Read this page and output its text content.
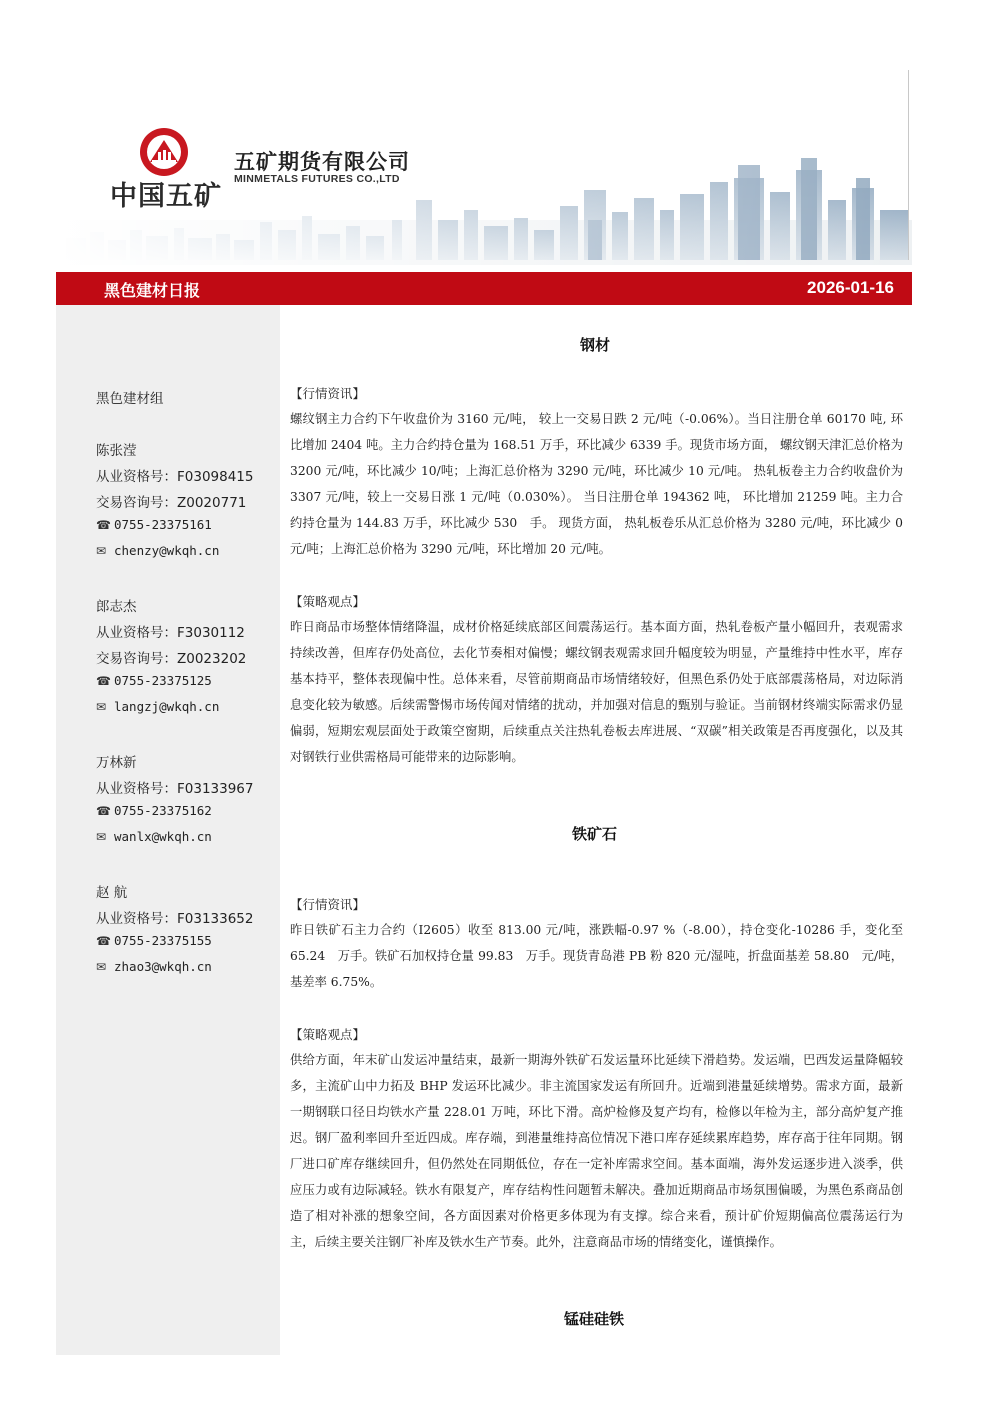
中国五矿
五矿期货有限公司
MINMETALS FUTURES CO.,LTD
黑色建材日报	2026-01-16
黑色建材组
陈张滢
从业资格号：F03098415
交易咨询号：Z0020771
☎ 0755-23375161
✉ chenzy@wkqh.cn
郎志杰
从业资格号：F3030112
交易咨询号：Z0023202
☎ 0755-23375125
✉ langzj@wkqh.cn
万林新
从业资格号：F03133967
☎ 0755-23375162
✉ wanlx@wkqh.cn
赵 航
从业资格号：F03133652
☎ 0755-23375155
✉ zhao3@wkqh.cn
钢材
【行情资讯】
螺纹钢主力合约下午收盘价为 3160 元/吨， 较上一交易日跌 2 元/吨（-0.06%）。当日注册仓单 60170 吨, 环比增加 2404 吨。主力合约持仓量为 168.51 万手，环比减少 6339 手。现货市场方面， 螺纹钢天津汇总价格为 3200 元/吨，环比减少 10/吨；上海汇总价格为 3290 元/吨，环比减少 10 元/吨。 热轧板卷主力合约收盘价为 3307 元/吨，较上一交易日涨 1 元/吨（0.030%）。 当日注册仓单 194362 吨， 环比增加 21259 吨。主力合约持仓量为 144.83 万手，环比减少 530　手。 现货方面， 热轧板卷乐从汇总价格为 3280 元/吨，环比减少 0 元/吨；上海汇总价格为 3290 元/吨，环比增加 20 元/吨。
【策略观点】
昨日商品市场整体情绪降温，成材价格延续底部区间震荡运行。基本面方面，热轧卷板产量小幅回升，表观需求持续改善，但库存仍处高位，去化节奏相对偏慢；螺纹钢表观需求回升幅度较为明显，产量维持中性水平，库存基本持平，整体表现偏中性。总体来看，尽管前期商品市场情绪较好，但黑色系仍处于底部震荡格局，对边际消息变化较为敏感。后续需警惕市场传闻对情绪的扰动，并加强对信息的甄别与验证。当前钢材终端实际需求仍显偏弱，短期宏观层面处于政策空窗期，后续重点关注热轧卷板去库进展、“双碳”相关政策是否再度强化，以及其对钢铁行业供需格局可能带来的边际影响。
铁矿石
【行情资讯】
昨日铁矿石主力合约（I2605）收至 813.00 元/吨，涨跌幅-0.97 %（-8.00），持仓变化-10286 手，变化至 65.24　万手。铁矿石加权持仓量 99.83　万手。现货青岛港 PB 粉 820 元/湿吨，折盘面基差 58.80　元/吨，基差率 6.75%。
【策略观点】
供给方面，年末矿山发运冲量结束，最新一期海外铁矿石发运量环比延续下滑趋势。发运端，巴西发运量降幅较多，主流矿山中力拓及 BHP 发运环比减少。非主流国家发运有所回升。近端到港量延续增势。需求方面，最新一期钢联口径日均铁水产量 228.01 万吨，环比下滑。高炉检修及复产均有，检修以年检为主，部分高炉复产推迟。钢厂盈利率回升至近四成。库存端，到港量维持高位情况下港口库存延续累库趋势，库存高于往年同期。钢厂进口矿库存继续回升，但仍然处在同期低位，存在一定补库需求空间。基本面端，海外发运逐步进入淡季，供应压力或有边际减轻。铁水有限复产，库存结构性问题暂未解决。叠加近期商品市场氛围偏暖，为黑色系商品创造了相对补涨的想象空间，各方面因素对价格更多体现为有支撑。综合来看，预计矿价短期偏高位震荡运行为主，后续主要关注钢厂补库及铁水生产节奏。此外，注意商品市场的情绪变化，谨慎操作。
锰硅硅铁
